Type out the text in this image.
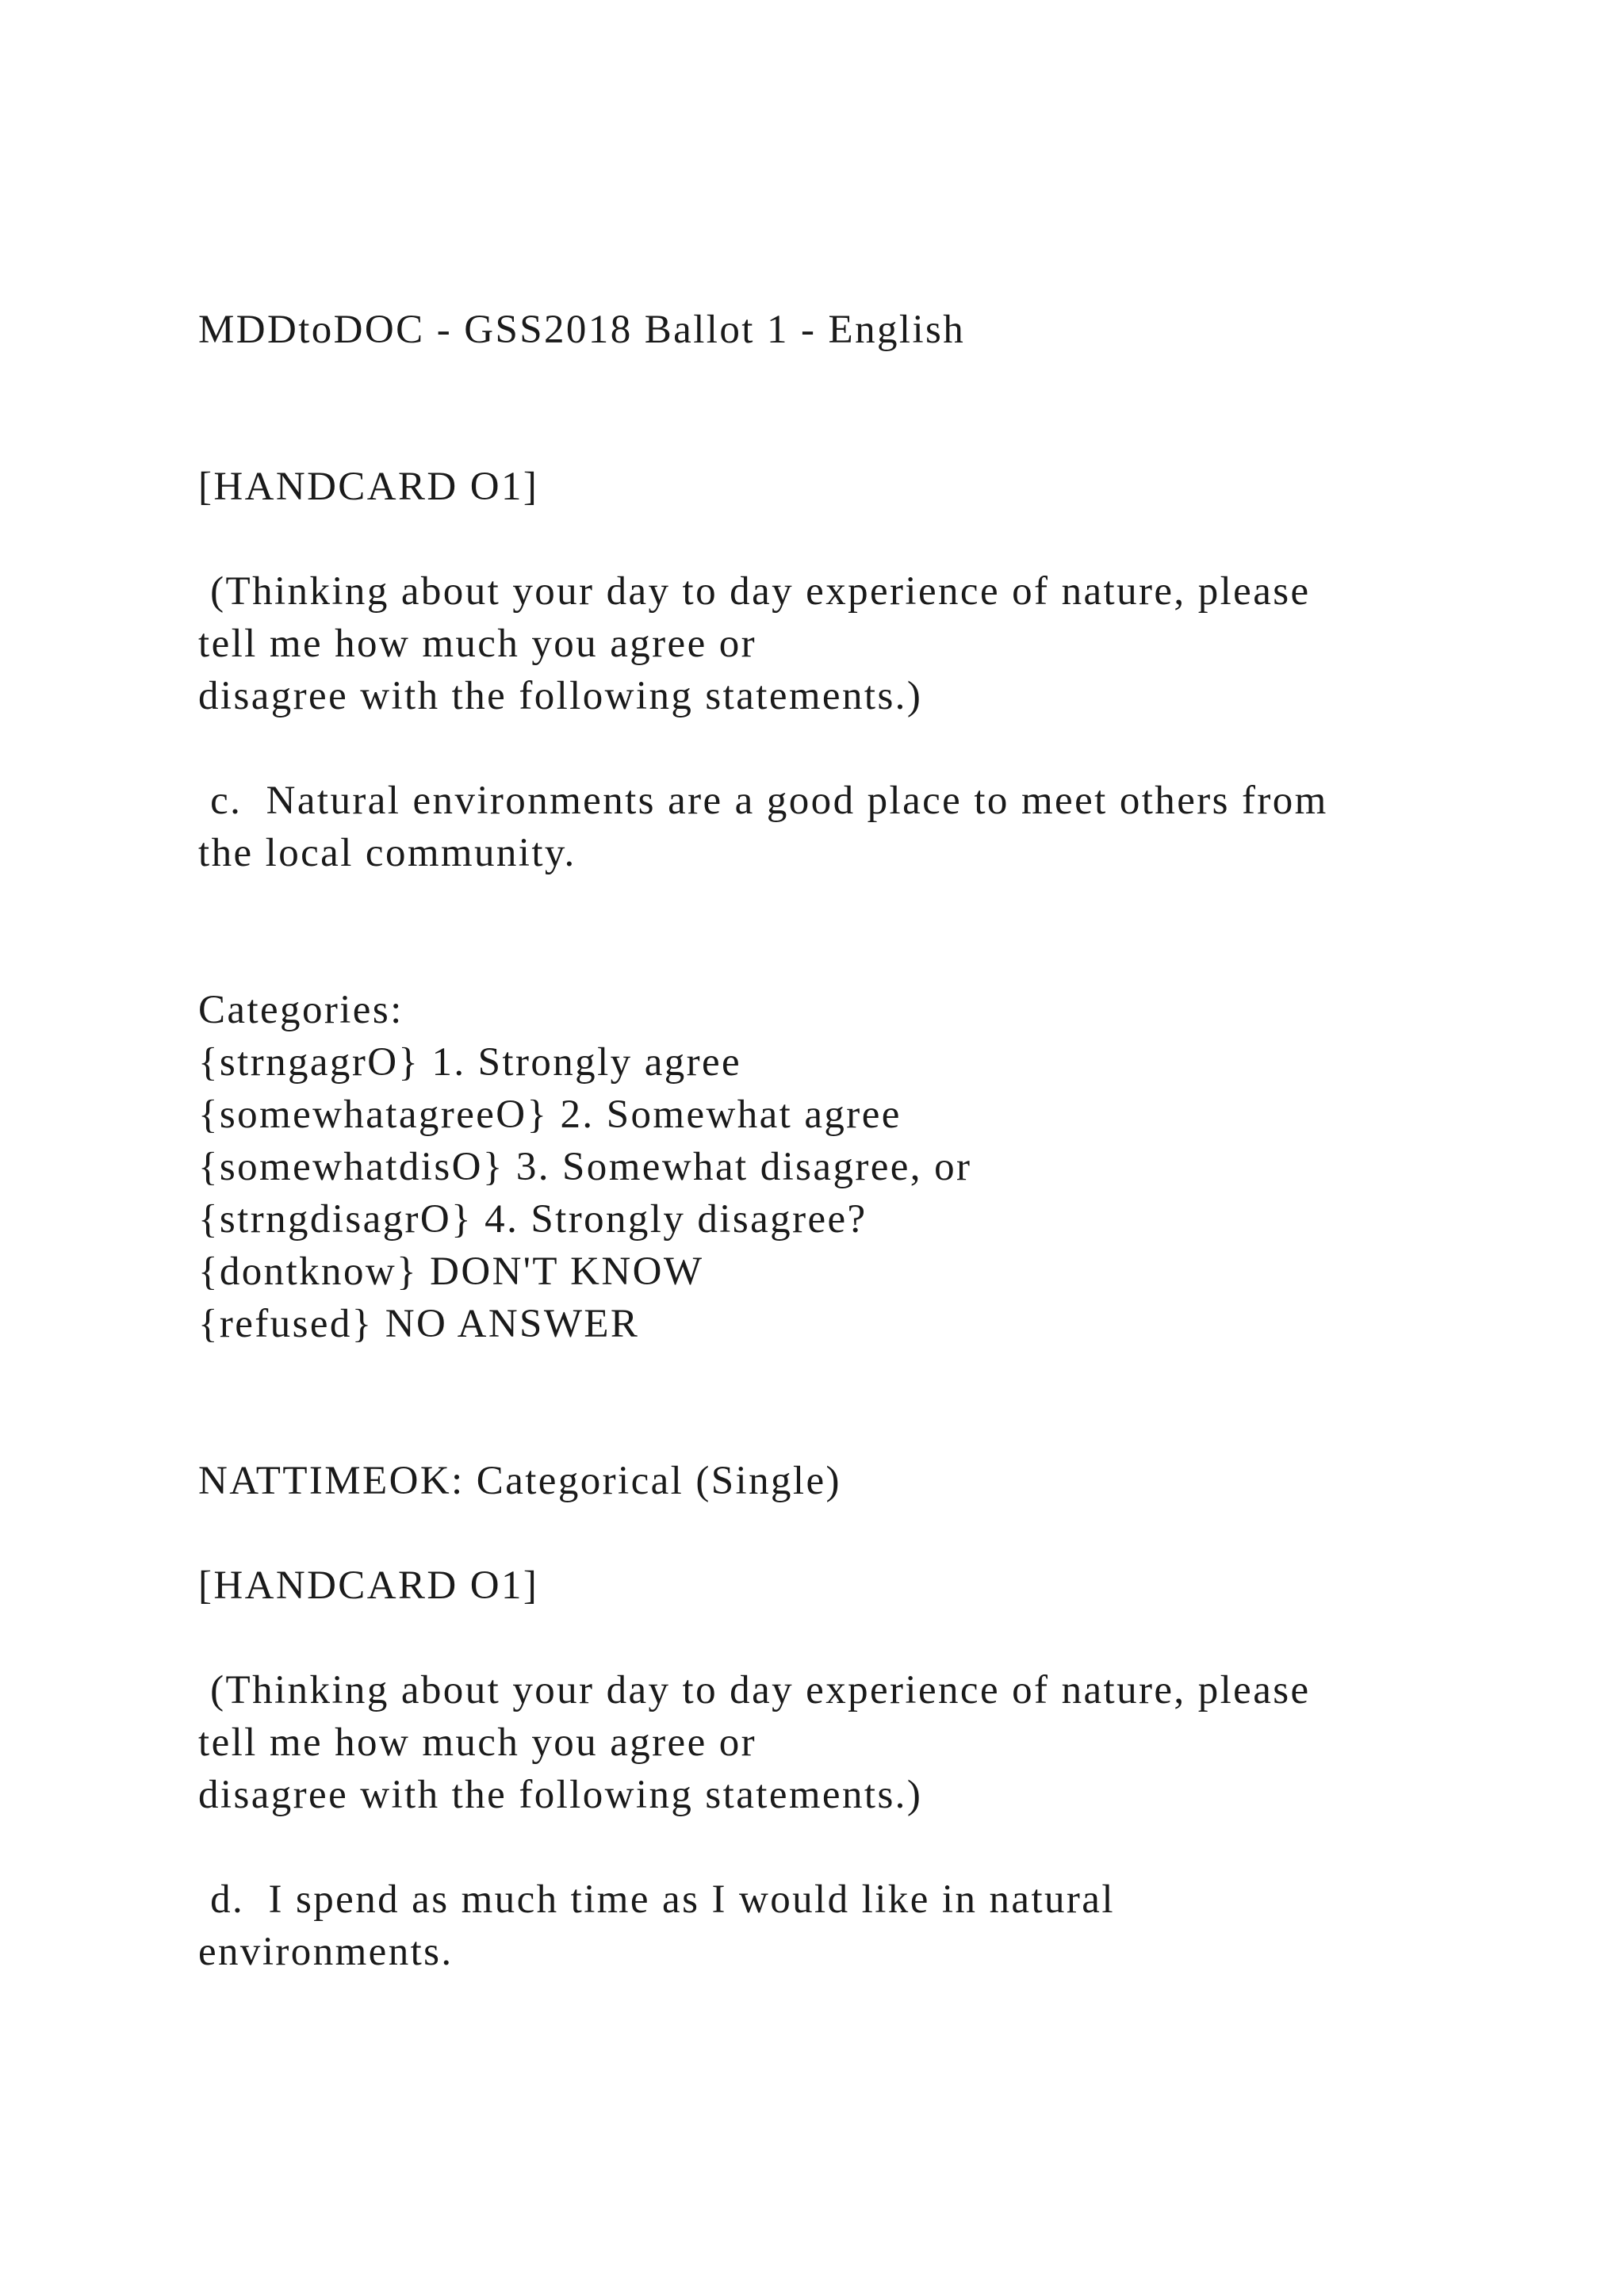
MDDtoDOC - GSS2018 Ballot 1 - English

[HANDCARD O1]

(Thinking about your day to day experience of nature, please

tell me how much you agree or

disagree with the following statements.)

c.  Natural environments are a good place to meet others from

the local community.

Categories:

{strngagrO} 1. Strongly agree

{somewhatagreeO} 2. Somewhat agree

{somewhatdisO} 3. Somewhat disagree, or

{strngdisagrO} 4. Strongly disagree?

{dontknow} DON'T KNOW

{refused} NO ANSWER

NATTIMEOK: Categorical (Single)

[HANDCARD O1]

(Thinking about your day to day experience of nature, please

tell me how much you agree or

disagree with the following statements.)

d.  I spend as much time as I would like in natural

environments.
